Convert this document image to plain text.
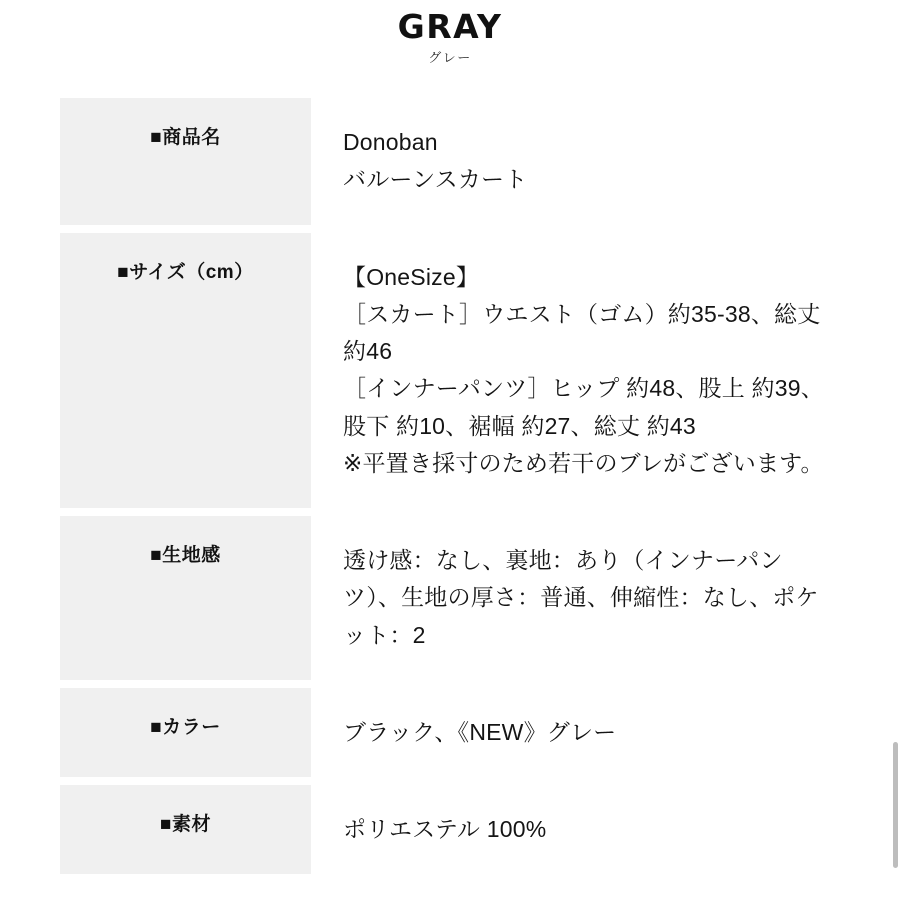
GRAY
グレー
■商品名	Donoban
バルーンスカート

■サイズ（cm）	【OneSize】
［スカート］ウエスト（ゴム）約35-38、総丈 約46
［インナーパンツ］ヒップ 約48、股上 約39、股下 約10、裾幅 約27、総丈 約43
※平置き採寸のため若干のブレがございます。

■生地感	透け感：なし、裏地：あり（インナーパンツ）、生地の厚さ：普通、伸縮性：なし、ポケット：2

■カラー	ブラック、《NEW》グレー

■素材	ポリエステル 100%
